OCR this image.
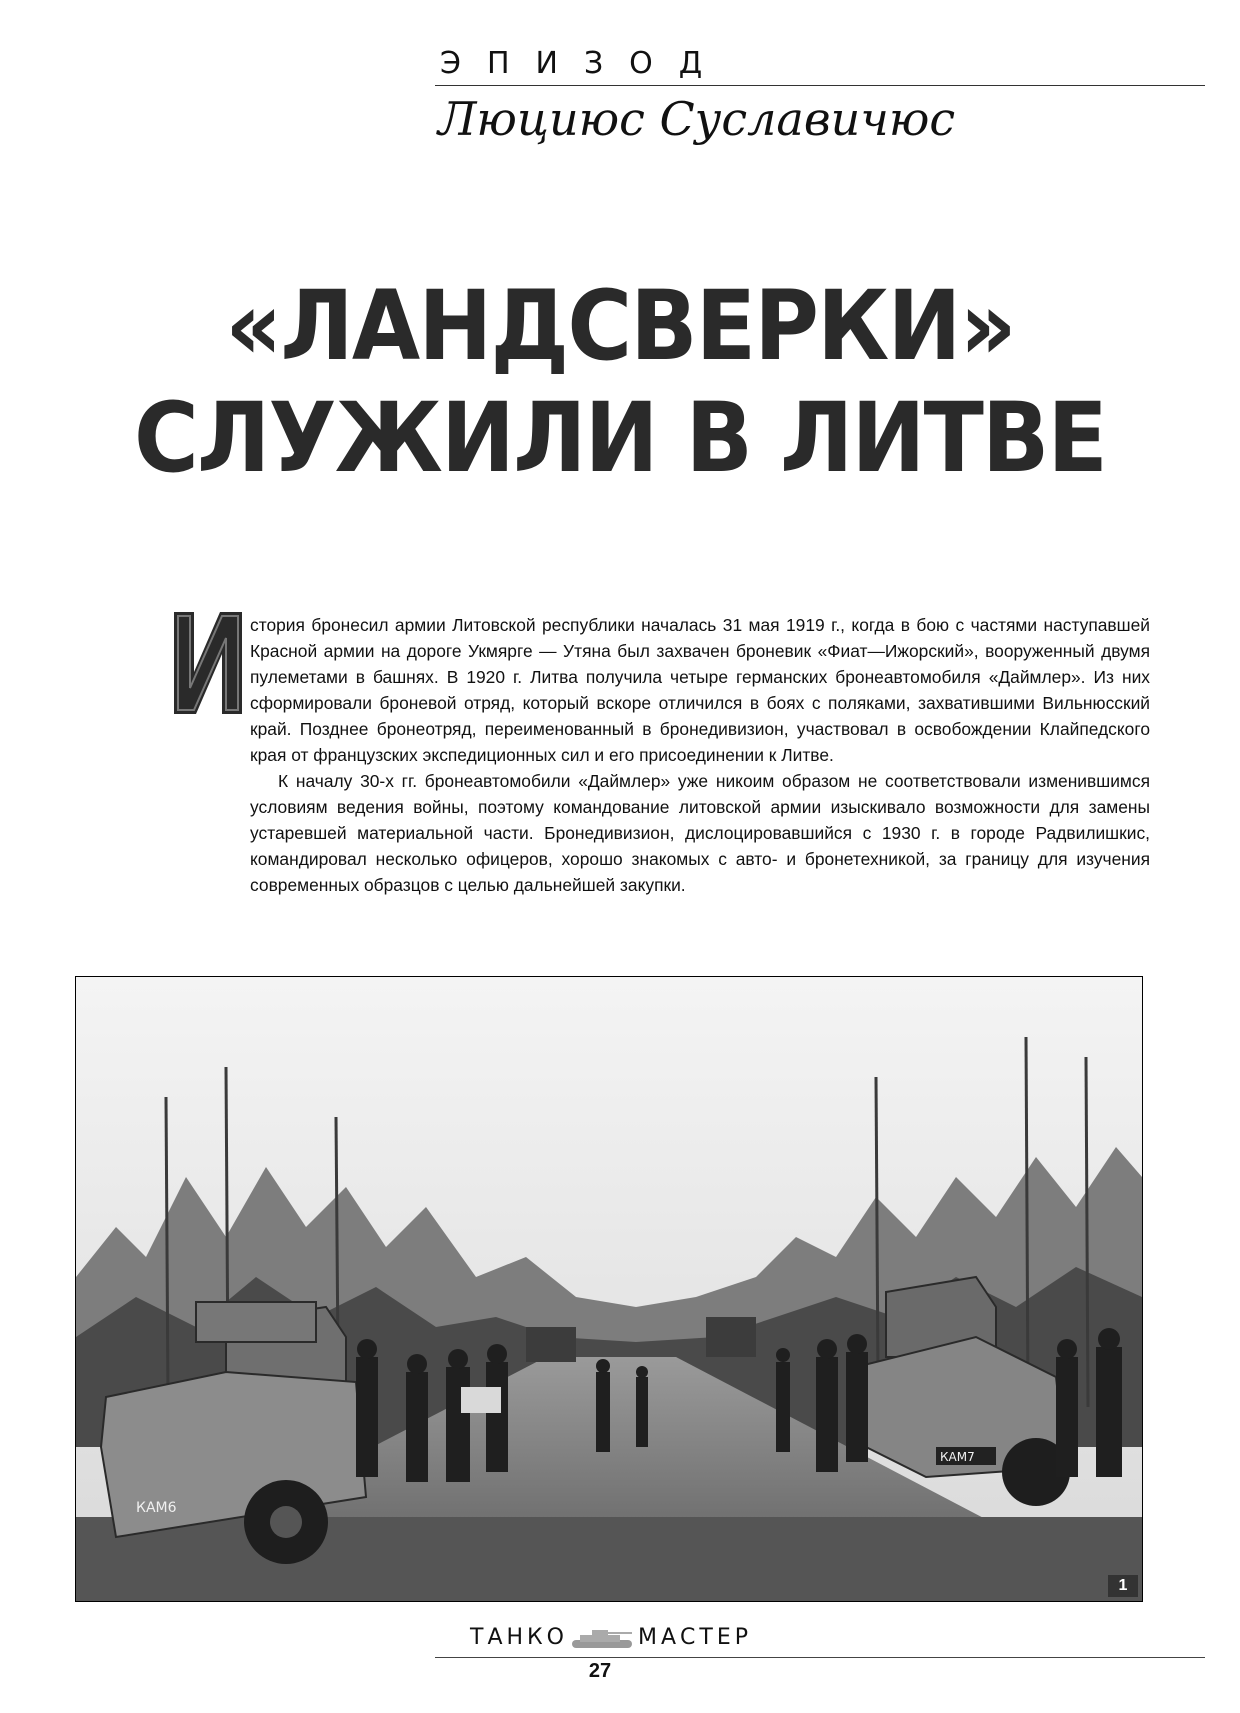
ЭПИЗОД
Люциюс Суславичюс
«ЛАНДСВЕРКИ»
СЛУЖИЛИ В ЛИТВЕ

стория бронесил армии Литовской республики началась 31 мая 1919 г., когда в бою с частями наступавшей Красной армии на дороге Укмярге — Утяна был захвачен броневик «Фиат—Ижорский», вооруженный двумя пулеметами в башнях. В 1920 г. Литва получила четыре германских бронеавтомобиля «Даймлер». Из них сформировали броневой отряд, который вскоре отличился в боях с поляками, захватившими Вильнюсский край. Позднее бронеотряд, переименованный в бронедивизион, участвовал в освобождении Клайпедского края от французских экспедиционных сил и его присоединении к Литве.

К началу 30-х гг. бронеавтомобили «Даймлер» уже никоим образом не соответствовали изменившимся условиям ведения войны, поэтому командование литовской армии изыскивало возможности для замены устаревшей материальной части. Бронедивизион, дислоцировавшийся с 1930 г. в городе Радвилишкис, командировал несколько офицеров, хорошо знакомых с авто- и бронетехникой, за границу для изучения современных образцов с целью дальнейшей закупки.

КАМ6
КАМ7
1
ТАНКО	МАСТЕР
27
